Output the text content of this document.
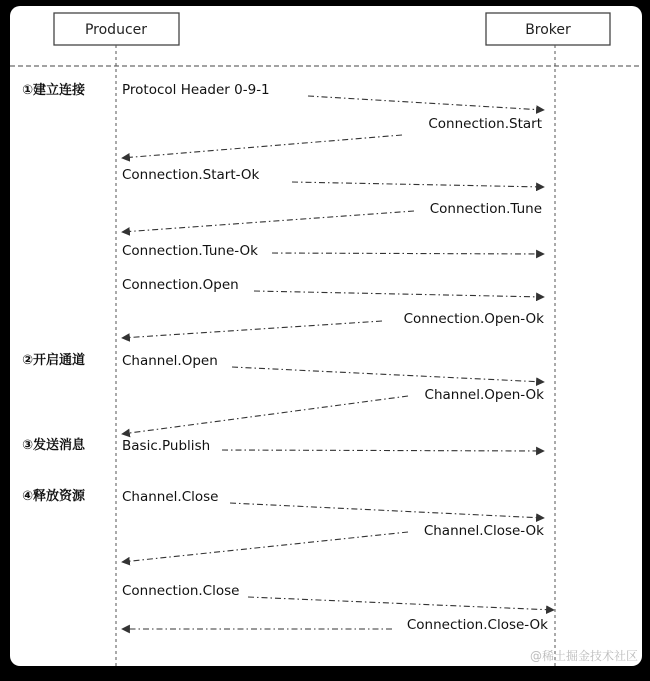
Producer	Broker
①建立连接
②开启通道
③发送消息
④释放资源
Protocol Header 0-9-1
Connection.Start
Connection.Start-Ok
Connection.Tune
Connection.Tune-Ok
Connection.Open
Connection.Open-Ok
Channel.Open
Channel.Open-Ok
Basic.Publish
Channel.Close
Channel.Close-Ok
Connection.Close
Connection.Close-Ok
@稀土掘金技术社区
